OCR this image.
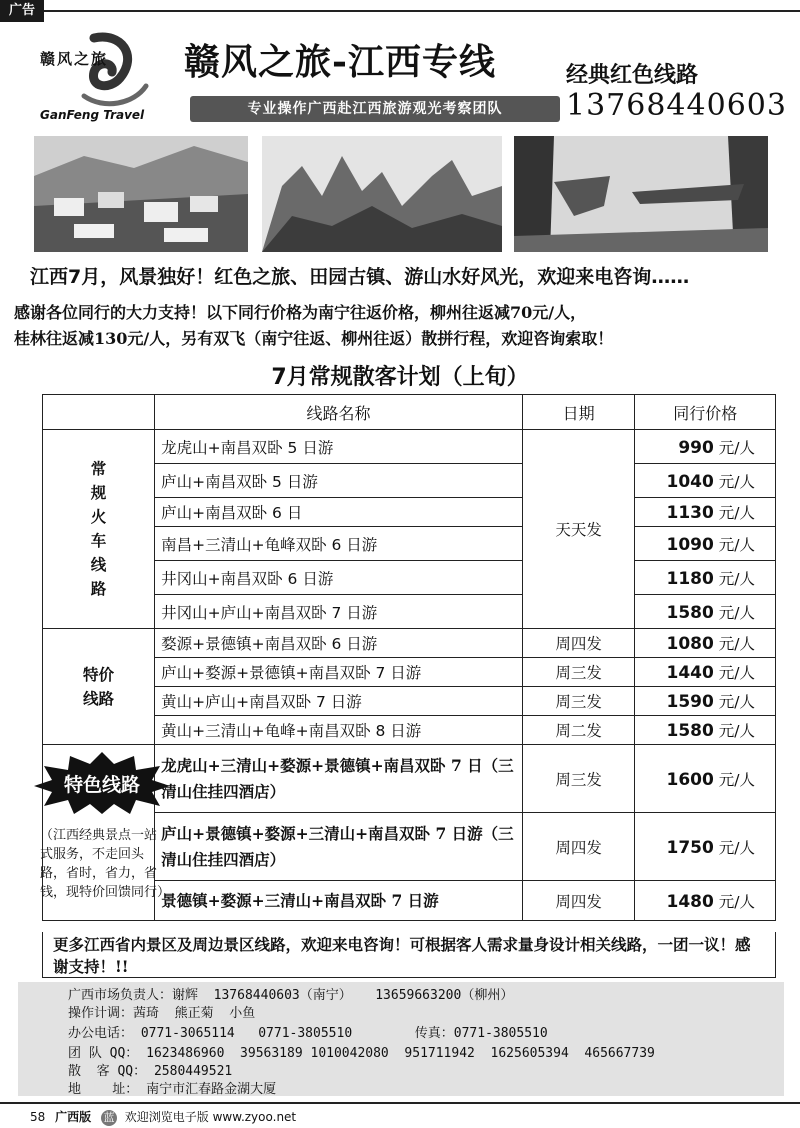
广告
赣风之旅
GanFeng Travel
赣风之旅-江西专线	经典红色线路
专业操作广西赴江西旅游观光考察团队	13768440603
江西7月，风景独好！红色之旅、田园古镇、游山水好风光，欢迎来电咨询……
感谢各位同行的大力支持！以下同行价格为南宁往返价格，柳州往返减70元/人，
桂林往返减130元/人，另有双飞（南宁往返、柳州往返）散拼行程，欢迎咨询索取！
7月常规散客计划（上旬）
	线路名称	日期	同行价格

常规火车线路	龙虎山+南昌双卧 5 日游	天天发	990 元/人
	庐山+南昌双卧 5 日游		1040 元/人
	庐山+南昌双卧 6 日		1130 元/人
	南昌+三清山+龟峰双卧 6 日游		1090 元/人
	井冈山+南昌双卧 6 日游		1180 元/人
	井冈山+庐山+南昌双卧 7 日游		1580 元/人

特价
线路	婺源+景德镇+南昌双卧 6 日游	周四发	1080 元/人
	庐山+婺源+景德镇+南昌双卧 7 日游	周三发	1440 元/人
	黄山+庐山+南昌双卧 7 日游	周三发	1590 元/人
	黄山+三清山+龟峰+南昌双卧 8 日游	周二发	1580 元/人
	龙虎山+三清山+婺源+景德镇+南昌双卧 7 日（三清山住挂四酒店）	周三发	1600 元/人
	庐山+景德镇+婺源+三清山+南昌双卧 7 日游（三清山住挂四酒店）	周四发	1750 元/人
	景德镇+婺源+三清山+南昌双卧 7 日游	周四发	1480 元/人
特色线路
（江西经典景点一站式服务，不走回头路，省时，省力，省钱，现特价回馈同行）
更多江西省内景区及周边景区线路，欢迎来电咨询！可根据客人需求量身设计相关线路，一团一议！感谢支持！!!
广西市场负责人：谢辉  13768440603（南宁）   13659663200（柳州）
操作计调：茜琦  熊正菊  小鱼
办公电话： 0771-3065114   0771-3805510        传真：0771-3805510
团 队 QQ： 1623486960  39563189 1010042080  951711942  1625605394  465667739
散  客 QQ： 2580449521
地    址： 南宁市汇春路金湖大厦
58 广西版 蓝 欢迎浏览电子版 www.zyoo.net
